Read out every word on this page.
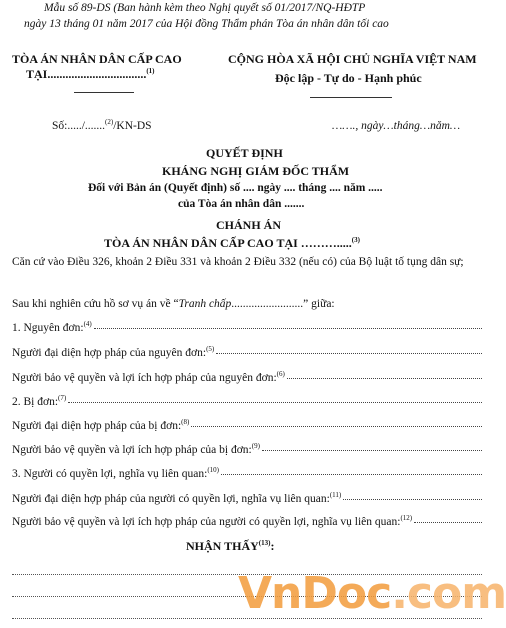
Mẫu số 89-DS (Ban hành kèm theo Nghị quyết số 01/2017/NQ-HĐTP
ngày 13 tháng 01 năm 2017 của Hội đồng Thẩm phán Tòa án nhân dân tối cao
TÒA ÁN NHÂN DÂN CẤP CAO
TẠI.................................$^{(1)}$
CỘNG HÒA XÃ HỘI CHỦ NGHĨA VIỆT NAM
Độc lập - Tự do - Hạnh phúc
Số:...../.......$^{(2)}$/KN-DS	……., ngày…tháng…năm…
QUYẾT ĐỊNH
KHÁNG NGHỊ GIÁM ĐỐC THẨM
Đối với Bản án (Quyết định) số .... ngày .... tháng .... năm .....
của Tòa án nhân dân .......
CHÁNH ÁN
TÒA ÁN NHÂN DÂN CẤP CAO TẠI ……….....$^{(3)}$
Căn cứ vào Điều 326, khoản 2 Điều 331 và khoản 2 Điều 332 (nếu có) của Bộ luật tố tụng dân sự;
Sau khi nghiên cứu hồ sơ vụ án về “Tranh chấp.........................” giữa:
1. Nguyên đơn:$^{(4)}$
Người đại diện hợp pháp của nguyên đơn:$^{(5)}$
Người bảo vệ quyền và lợi ích hợp pháp của nguyên đơn:$^{(6)}$
2. Bị đơn:$^{(7)}$
Người đại diện hợp pháp của bị đơn:$^{(8)}$
Người bảo vệ quyền và lợi ích hợp pháp của bị đơn:$^{(9)}$
3. Người có quyền lợi, nghĩa vụ liên quan:$^{(10)}$
Người đại diện hợp pháp của người có quyền lợi, nghĩa vụ liên quan:$^{(11)}$
Người bảo vệ quyền và lợi ích hợp pháp của người có quyền lợi, nghĩa vụ liên quan:$^{(12)}$
NHẬN THẤY$^{(13)}$:
VnDoc.com
